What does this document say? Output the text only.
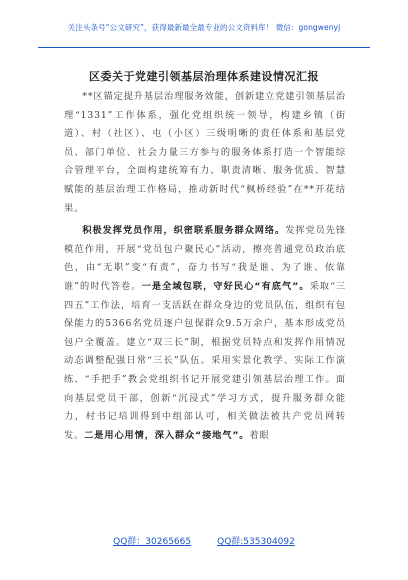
关注头条号“公文研究”，获得最新最全最专业的公文资料库！ 微信：gongwenyj
区委关于党建引领基层治理体系建设情况汇报

**区锚定提升基层治理服务效能，创新建立党建引领基层治理“1331”工作体系，强化党组织统一领导，构建乡镇（街道）、村（社区）、屯（小区）三级明晰的责任体系和基层党员、部门单位、社会力量三方参与的服务体系打造一个智能综合管理平台，全面构建统筹有力、职责清晰、服务优质、智慧赋能的基层治理工作格局，推动新时代“枫桥经验”在**开花结果。

积极发挥党员作用，织密联系服务群众网络。发挥党员先锋模范作用，开展“党员包户聚民心”活动，擦亮普通党员政治底色，由“无职”变“有责”，奋力书写“我是谁、为了谁、依靠谁”的时代答卷。一是全域包联，守好民心“有底气”。采取“三四五”工作法，培育一支活跃在群众身边的党员队伍，组织有包保能力的5366名党员逐户包保群众9.5万余户，基本形成党员包户全覆盖。建立“双三长”制，根据党员特点和发挥作用情况动态调整配强日常“三长”队伍。采用实景化教学、实际工作演练、“手把手”教会党组织书记开展党建引领基层治理工作。面向基层党员干部，创新“沉浸式”学习方式，提升服务群众能力，村书记培训得到中组部认可，相关做法被共产党员网转发。二是用心用情，深入群众“接地气”。着眼

QQ群：30265665	QQ群:535304092
